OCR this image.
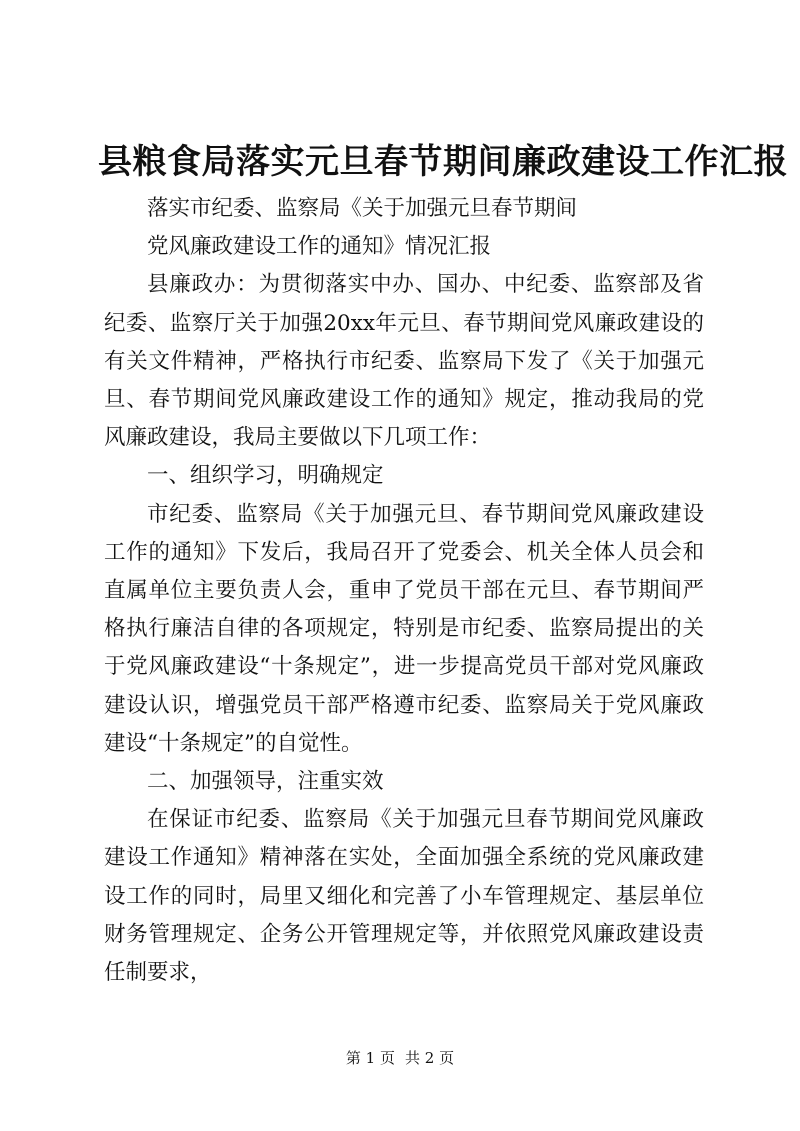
县粮食局落实元旦春节期间廉政建设工作汇报

落实市纪委、监察局《关于加强元旦春节期间

党风廉政建设工作的通知》情况汇报

县廉政办：为贯彻落实中办、国办、中纪委、监察部及省纪委、监察厅关于加强20xx年元旦、春节期间党风廉政建设的有关文件精神，严格执行市纪委、监察局下发了《关于加强元旦、春节期间党风廉政建设工作的通知》规定，推动我局的党风廉政建设，我局主要做以下几项工作：

一、组织学习，明确规定

市纪委、监察局《关于加强元旦、春节期间党风廉政建设工作的通知》下发后，我局召开了党委会、机关全体人员会和直属单位主要负责人会，重申了党员干部在元旦、春节期间严格执行廉洁自律的各项规定，特别是市纪委、监察局提出的关于党风廉政建设“十条规定”，进一步提高党员干部对党风廉政建设认识，增强党员干部严格遵市纪委、监察局关于党风廉政建设“十条规定”的自觉性。

二、加强领导，注重实效

在保证市纪委、监察局《关于加强元旦春节期间党风廉政建设工作通知》精神落在实处，全面加强全系统的党风廉政建设工作的同时，局里又细化和完善了小车管理规定、基层单位财务管理规定、企务公开管理规定等，并依照党风廉政建设责任制要求，

第 1 页 共 2 页
